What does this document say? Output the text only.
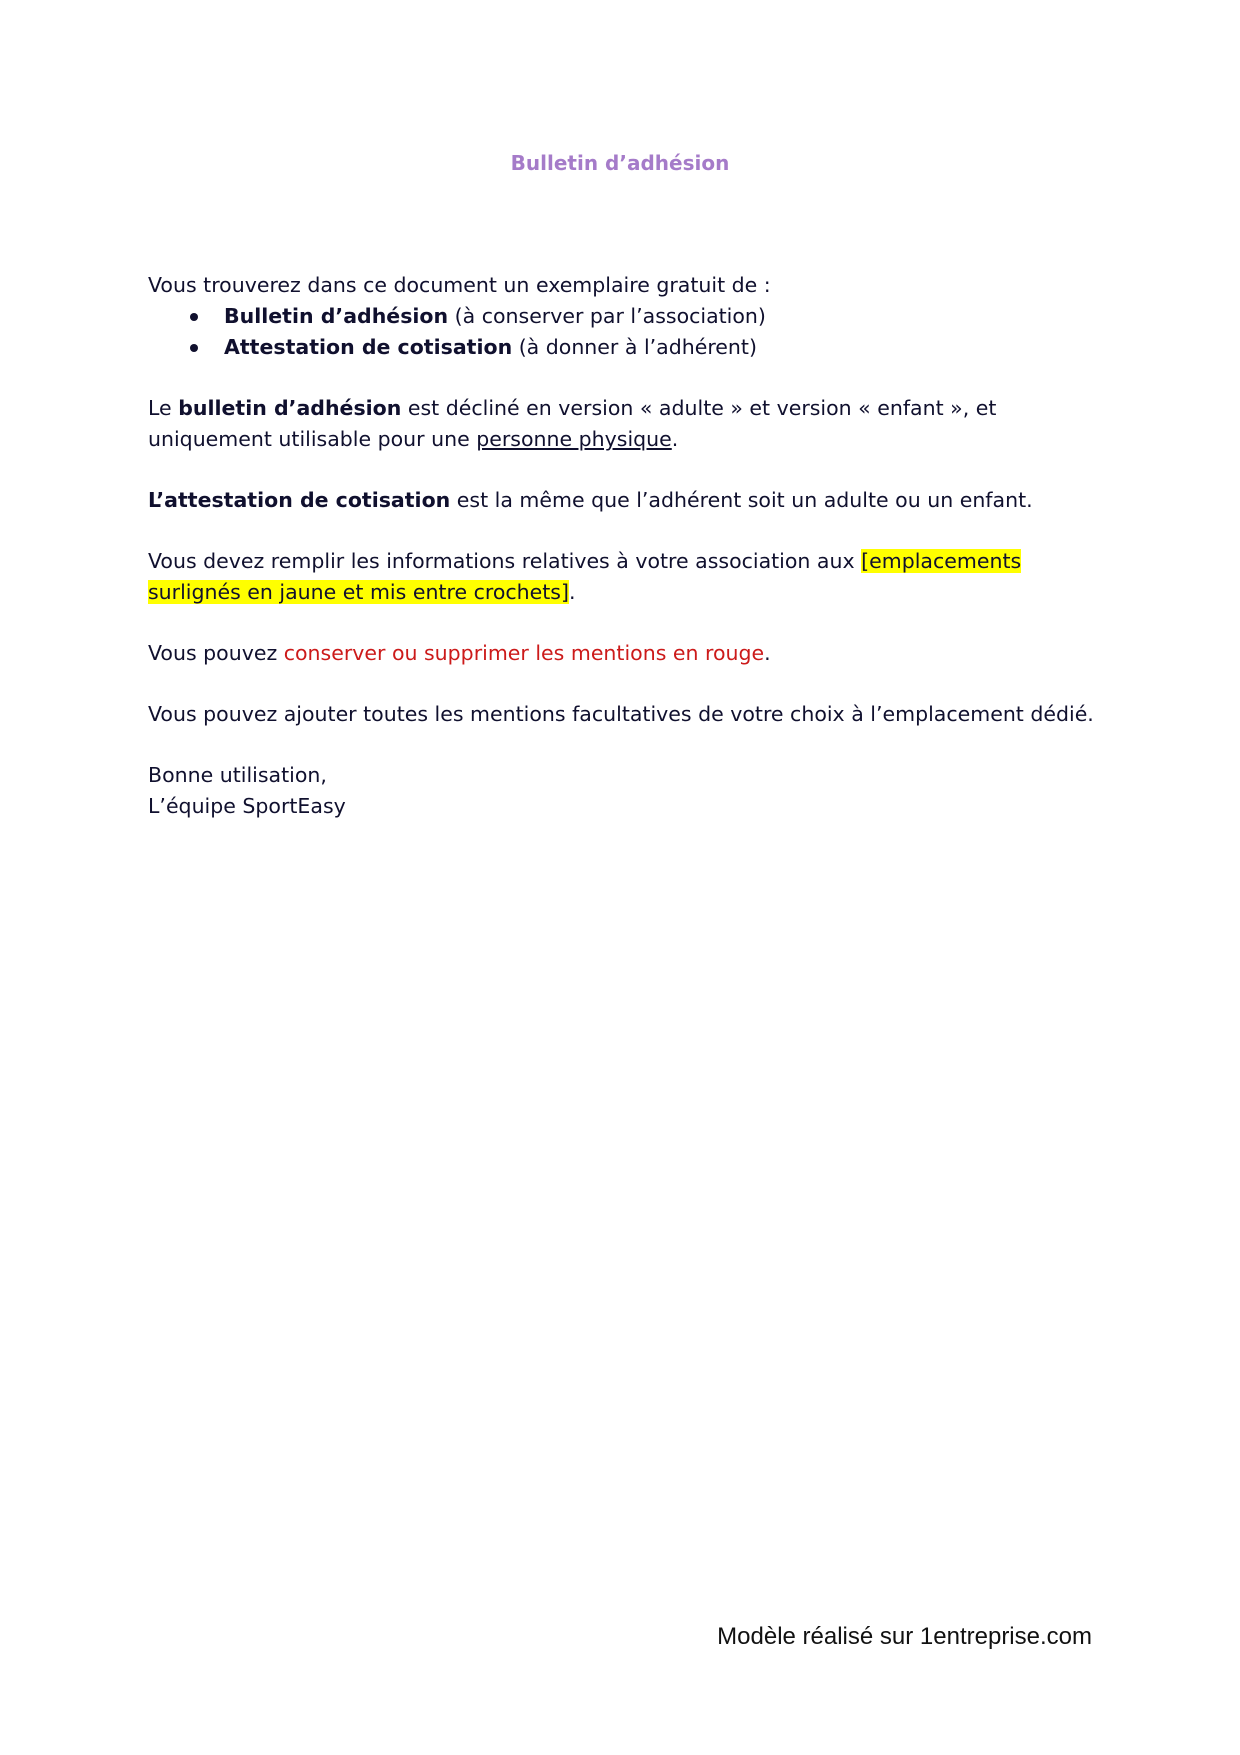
Bulletin d’adhésion

Vous trouverez dans ce document un exemplaire gratuit de :

Bulletin d’adhésion (à conserver par l’association)
Attestation de cotisation (à donner à l’adhérent)

Le bulletin d’adhésion est décliné en version « adulte » et version « enfant », et uniquement utilisable pour une personne physique.

L’attestation de cotisation est la même que l’adhérent soit un adulte ou un enfant.

Vous devez remplir les informations relatives à votre association aux [emplacements surlignés en jaune et mis entre crochets].

Vous pouvez conserver ou supprimer les mentions en rouge.

Vous pouvez ajouter toutes les mentions facultatives de votre choix à l’emplacement dédié.

Bonne utilisation,

L’équipe SportEasy

Modèle réalisé sur 1entreprise.com
